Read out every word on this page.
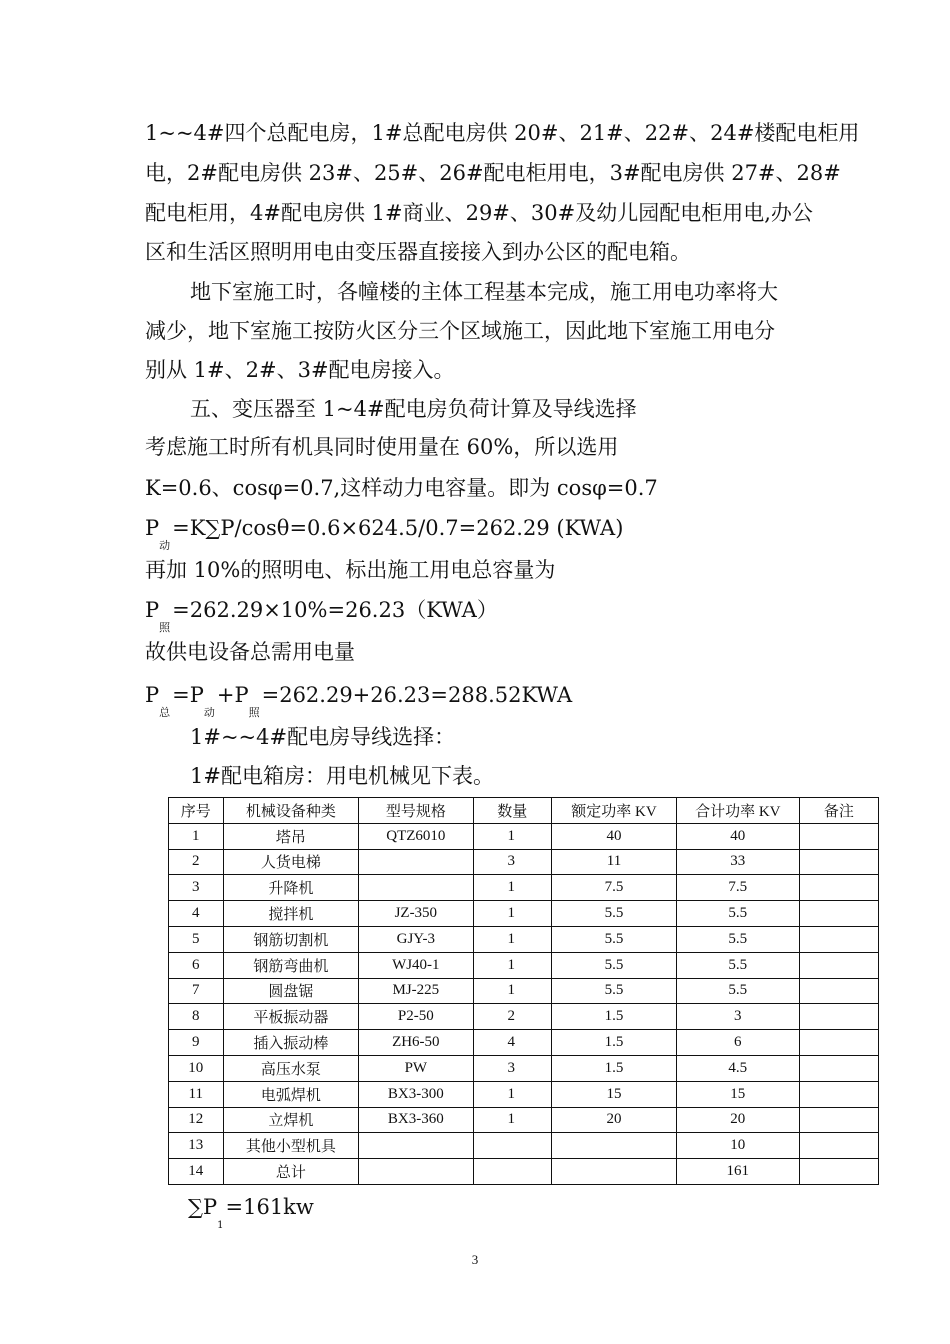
1~~4#四个总配电房，1#总配电房供 20#、21#、22#、24#楼配电柜用
电，2#配电房供 23#、25#、26#配电柜用电，3#配电房供 27#、28#
配电柜用，4#配电房供 1#商业、29#、30#及幼儿园配电柜用电,办公
区和生活区照明用电由变压器直接接入到办公区的配电箱。
地下室施工时，各幢楼的主体工程基本完成，施工用电功率将大
减少，地下室施工按防火区分三个区域施工，因此地下室施工用电分
别从 1#、2#、3#配电房接入。
五、变压器至 1~4#配电房负荷计算及导线选择
考虑施工时所有机具同时使用量在 60%，所以选用
K=0.6、cosφ=0.7,这样动力电容量。即为 cosφ=0.7
$P_动=K\sum P/\cos\theta=0.6\times 624.5/0.7=262.29$ (KWA)
再加 10%的照明电、标出施工用电总容量为
$P_照=262.29\times 10\%=26.23(KWA)$
故供电设备总需用电量
$P_总=P_动+P_照=262.29+26.23=288.52KWA$
1#~~4#配电房导线选择：
1#配电箱房：用电机械见下表。
序号	机械设备种类	型号规格	数量	额定功率 KV	合计功率 KV	备注
1	塔吊	QTZ6010	1	40	40	
2	人货电梯		3	11	33	
3	升降机		1	7.5	7.5	
4	搅拌机	JZ-350	1	5.5	5.5	
5	钢筋切割机	GJY-3	1	5.5	5.5	
6	钢筋弯曲机	WJ40-1	1	5.5	5.5	
7	圆盘锯	MJ-225	1	5.5	5.5	
8	平板振动器	P2-50	2	1.5	3	
9	插入振动棒	ZH6-50	4	1.5	6	
10	高压水泵	PW	3	1.5	4.5	
11	电弧焊机	BX3-300	1	15	15	
12	立焊机	BX3-360	1	20	20	
13	其他小型机具				10	
14	总计				161	
$\sum P_1=161kw$
3
